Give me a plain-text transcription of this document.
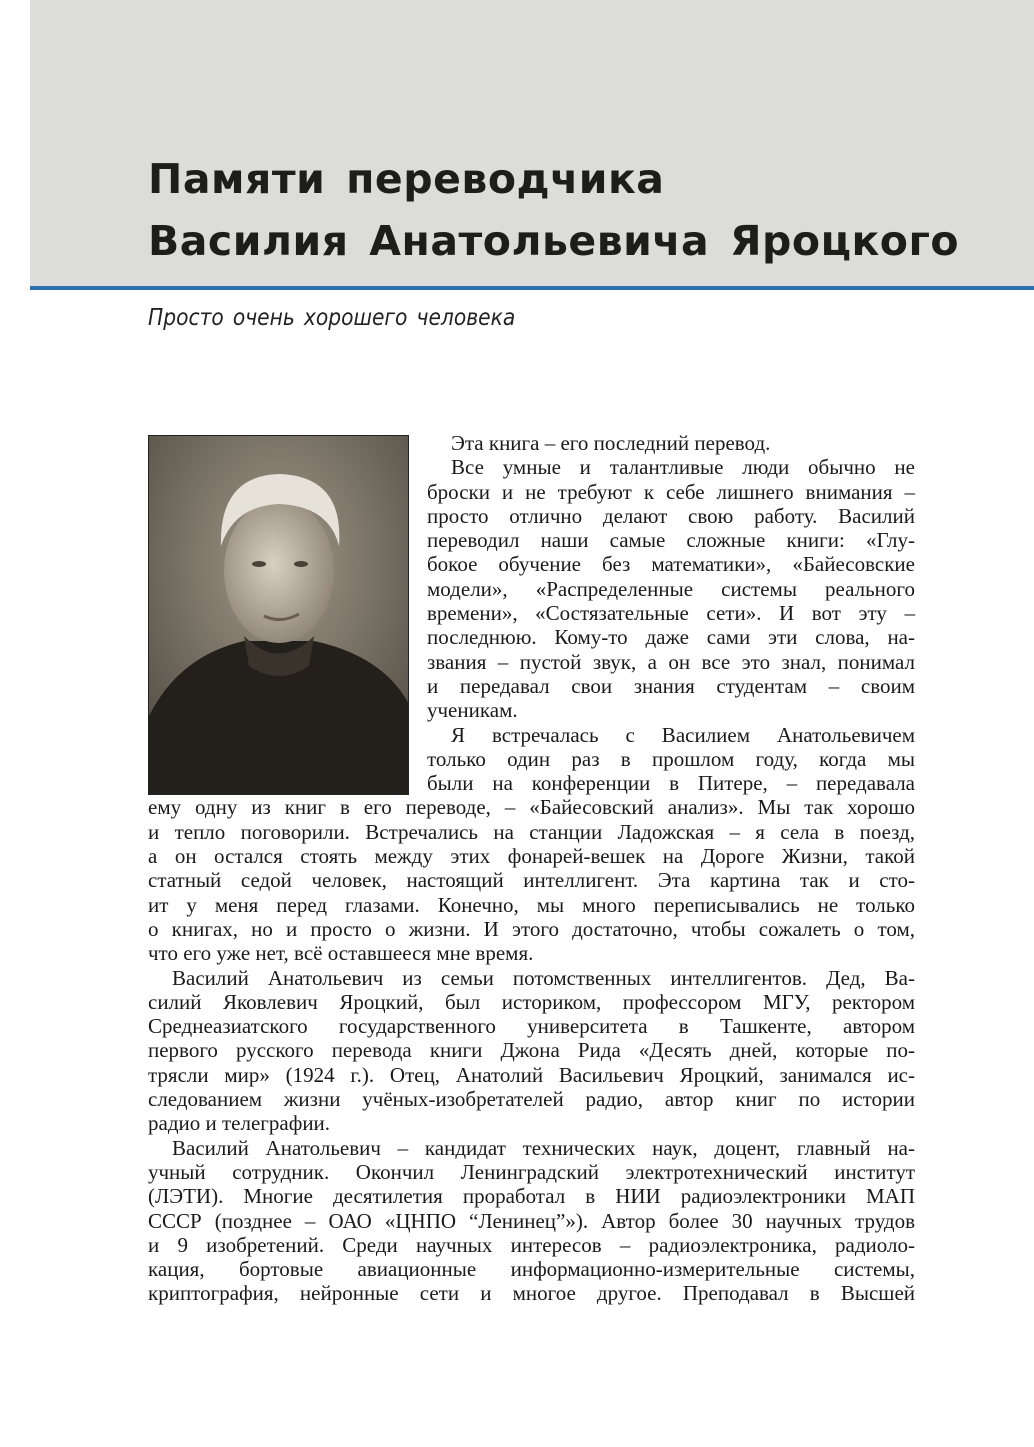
Памяти переводчика
Василия Анатольевича Яроцкого
Просто очень хорошего человека
Эта книга – его последний перевод.
Все умные и талантливые люди обычно не
броски и не требуют к себе лишнего внимания –
просто отлично делают свою работу. Василий
переводил наши самые сложные книги: «Глу-
бокое обучение без математики», «Байесовские
модели», «Распределенные системы реального
времени», «Состязательные сети». И вот эту –
последнюю. Кому-то даже сами эти слова, на-
звания – пустой звук, а он все это знал, понимал
и передавал свои знания студентам – своим
ученикам.
Я встречалась с Василием Анатольевичем
только один раз в прошлом году, когда мы
были на конференции в Питере, – передавала
ему одну из книг в его переводе, – «Байесовский анализ». Мы так хорошо
и тепло поговорили. Встречались на станции Ладожская – я села в поезд,
а он остался стоять между этих фонарей-вешек на Дороге Жизни, такой
статный седой человек, настоящий интеллигент. Эта картина так и сто-
ит у меня перед глазами. Конечно, мы много переписывались не только
о книгах, но и просто о жизни. И этого достаточно, чтобы сожалеть о том,
что его уже нет, всё оставшееся мне время.
Василий Анатольевич из семьи потомственных интеллигентов. Дед, Ва-
силий Яковлевич Яроцкий, был историком, профессором МГУ, ректором
Среднеазиатского государственного университета в Ташкенте, автором
первого русского перевода книги Джона Рида «Десять дней, которые по-
трясли мир» (1924 г.). Отец, Анатолий Васильевич Яроцкий, занимался ис-
следованием жизни учёных-изобретателей радио, автор книг по истории
радио и телеграфии.
Василий Анатольевич – кандидат технических наук, доцент, главный на-
учный сотрудник. Окончил Ленинградский электротехнический институт
(ЛЭТИ). Многие десятилетия проработал в НИИ радиоэлектроники МАП
СССР (позднее – ОАО «ЦНПО “Ленинец”»). Автор более 30 научных трудов
и 9 изобретений. Среди научных интересов – радиоэлектроника, радиоло-
кация, бортовые авиационные информационно-измерительные системы,
криптография, нейронные сети и многое другое. Преподавал в Высшей
